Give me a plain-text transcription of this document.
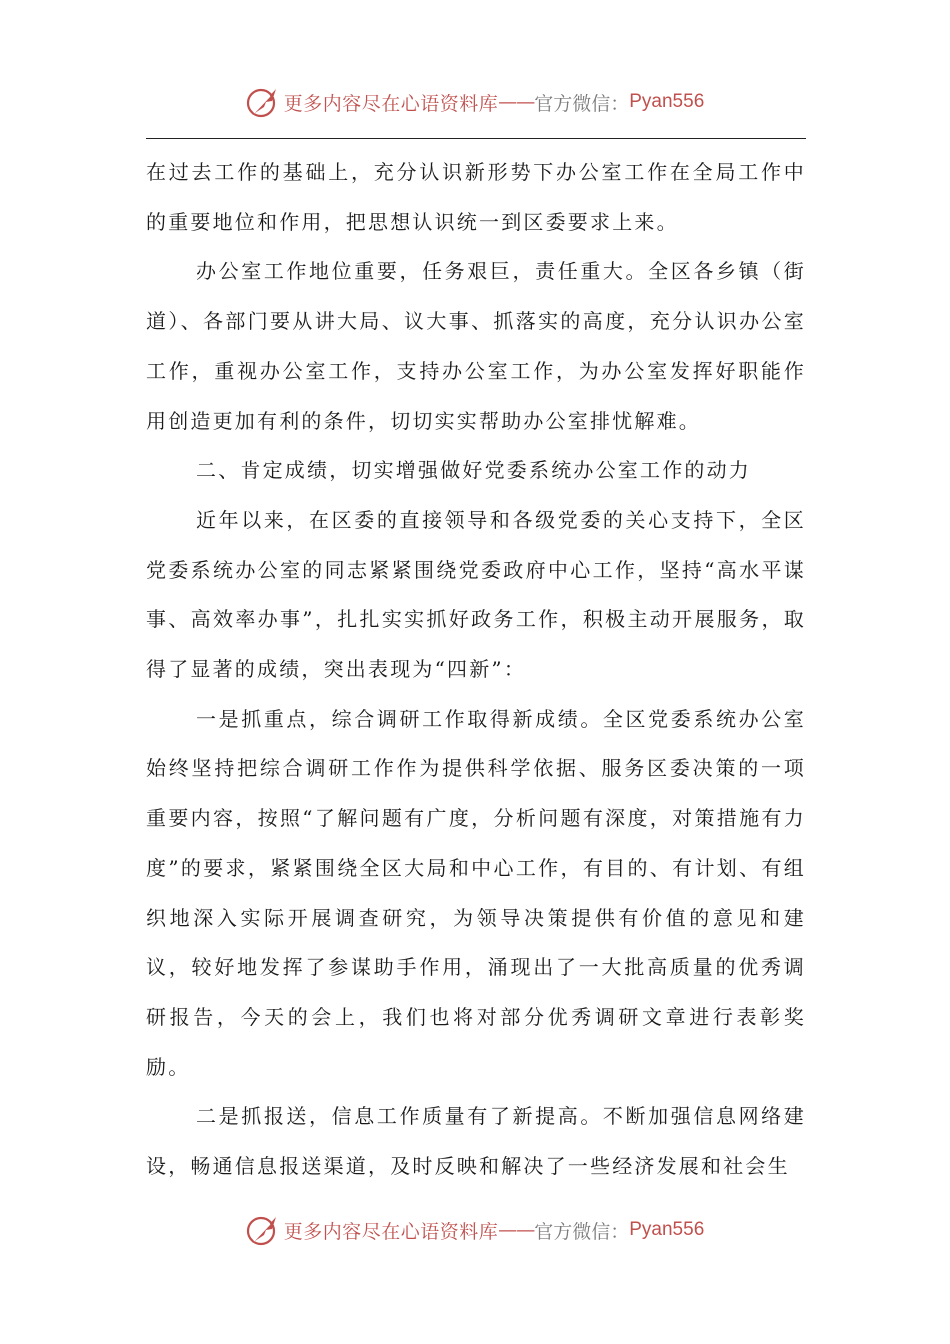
更多内容尽在心语资料库 —— 官方微信： Pyan556

在过去工作的基础上，充分认识新形势下办公室工作在全局工作中的重要地位和作用，把思想认识统一到区委要求上来。

办公室工作地位重要，任务艰巨，责任重大。全区各乡镇（街道）、各部门要从讲大局、议大事、抓落实的高度，充分认识办公室工作，重视办公室工作，支持办公室工作，为办公室发挥好职能作用创造更加有利的条件，切切实实帮助办公室排忧解难。

二、肯定成绩，切实增强做好党委系统办公室工作的动力

近年以来，在区委的直接领导和各级党委的关心支持下，全区党委系统办公室的同志紧紧围绕党委政府中心工作，坚持“高水平谋事、高效率办事”，扎扎实实抓好政务工作，积极主动开展服务，取得了显著的成绩，突出表现为“四新”：

一是抓重点，综合调研工作取得新成绩。全区党委系统办公室始终坚持把综合调研工作作为提供科学依据、服务区委决策的一项重要内容，按照“了解问题有广度，分析问题有深度，对策措施有力度”的要求，紧紧围绕全区大局和中心工作，有目的、有计划、有组织地深入实际开展调查研究，为领导决策提供有价值的意见和建议，较好地发挥了参谋助手作用，涌现出了一大批高质量的优秀调研报告，今天的会上，我们也将对部分优秀调研文章进行表彰奖励。

二是抓报送，信息工作质量有了新提高。不断加强信息网络建设，畅通信息报送渠道，及时反映和解决了一些经济发展和社会生

更多内容尽在心语资料库 —— 官方微信： Pyan556
